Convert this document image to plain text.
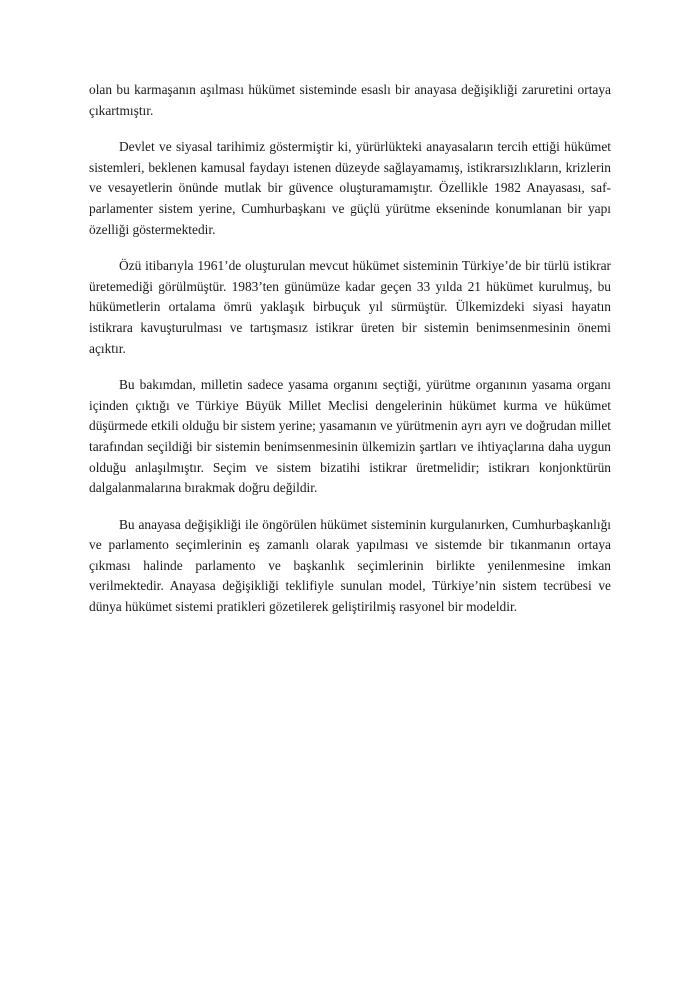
olan bu karmaşanın aşılması hükümet sisteminde esaslı bir anayasa değişikliği zaruretini ortaya çıkartmıştır.

Devlet ve siyasal tarihimiz göstermiştir ki, yürürlükteki anayasaların tercih ettiği hükümet sistemleri, beklenen kamusal faydayı istenen düzeyde sağlayamamış, istikrarsızlıkların, krizlerin ve vesayetlerin önünde mutlak bir güvence oluşturamamıştır. Özellikle 1982 Anayasası, saf-parlamenter sistem yerine, Cumhurbaşkanı ve güçlü yürütme ekseninde konumlanan bir yapı özelliği göstermektedir.

Özü itibarıyla 1961’de oluşturulan mevcut hükümet sisteminin Türkiye’de bir türlü istikrar üretemediği görülmüştür. 1983’ten günümüze kadar geçen 33 yılda 21 hükümet kurulmuş, bu hükümetlerin ortalama ömrü yaklaşık birbuçuk yıl sürmüştür. Ülkemizdeki siyasi hayatın istikrara kavuşturulması ve tartışmasız istikrar üreten bir sistemin benimsenmesinin önemi açıktır.

Bu bakımdan, milletin sadece yasama organını seçtiği, yürütme organının yasama organı içinden çıktığı ve Türkiye Büyük Millet Meclisi dengelerinin hükümet kurma ve hükümet düşürmede etkili olduğu bir sistem yerine; yasamanın ve yürütmenin ayrı ayrı ve doğrudan millet tarafından seçildiği bir sistemin benimsenmesinin ülkemizin şartları ve ihtiyaçlarına daha uygun olduğu anlaşılmıştır. Seçim ve sistem bizatihi istikrar üretmelidir; istikrarı konjonktürün dalgalanmalarına bırakmak doğru değildir.

Bu anayasa değişikliği ile öngörülen hükümet sisteminin kurgulanırken, Cumhurbaşkanlığı ve parlamento seçimlerinin eş zamanlı olarak yapılması ve sistemde bir tıkanmanın ortaya çıkması halinde parlamento ve başkanlık seçimlerinin birlikte yenilenmesine imkan verilmektedir. Anayasa değişikliği teklifiyle sunulan model, Türkiye’nin sistem tecrübesi ve dünya hükümet sistemi pratikleri gözetilerek geliştirilmiş rasyonel bir modeldir.
